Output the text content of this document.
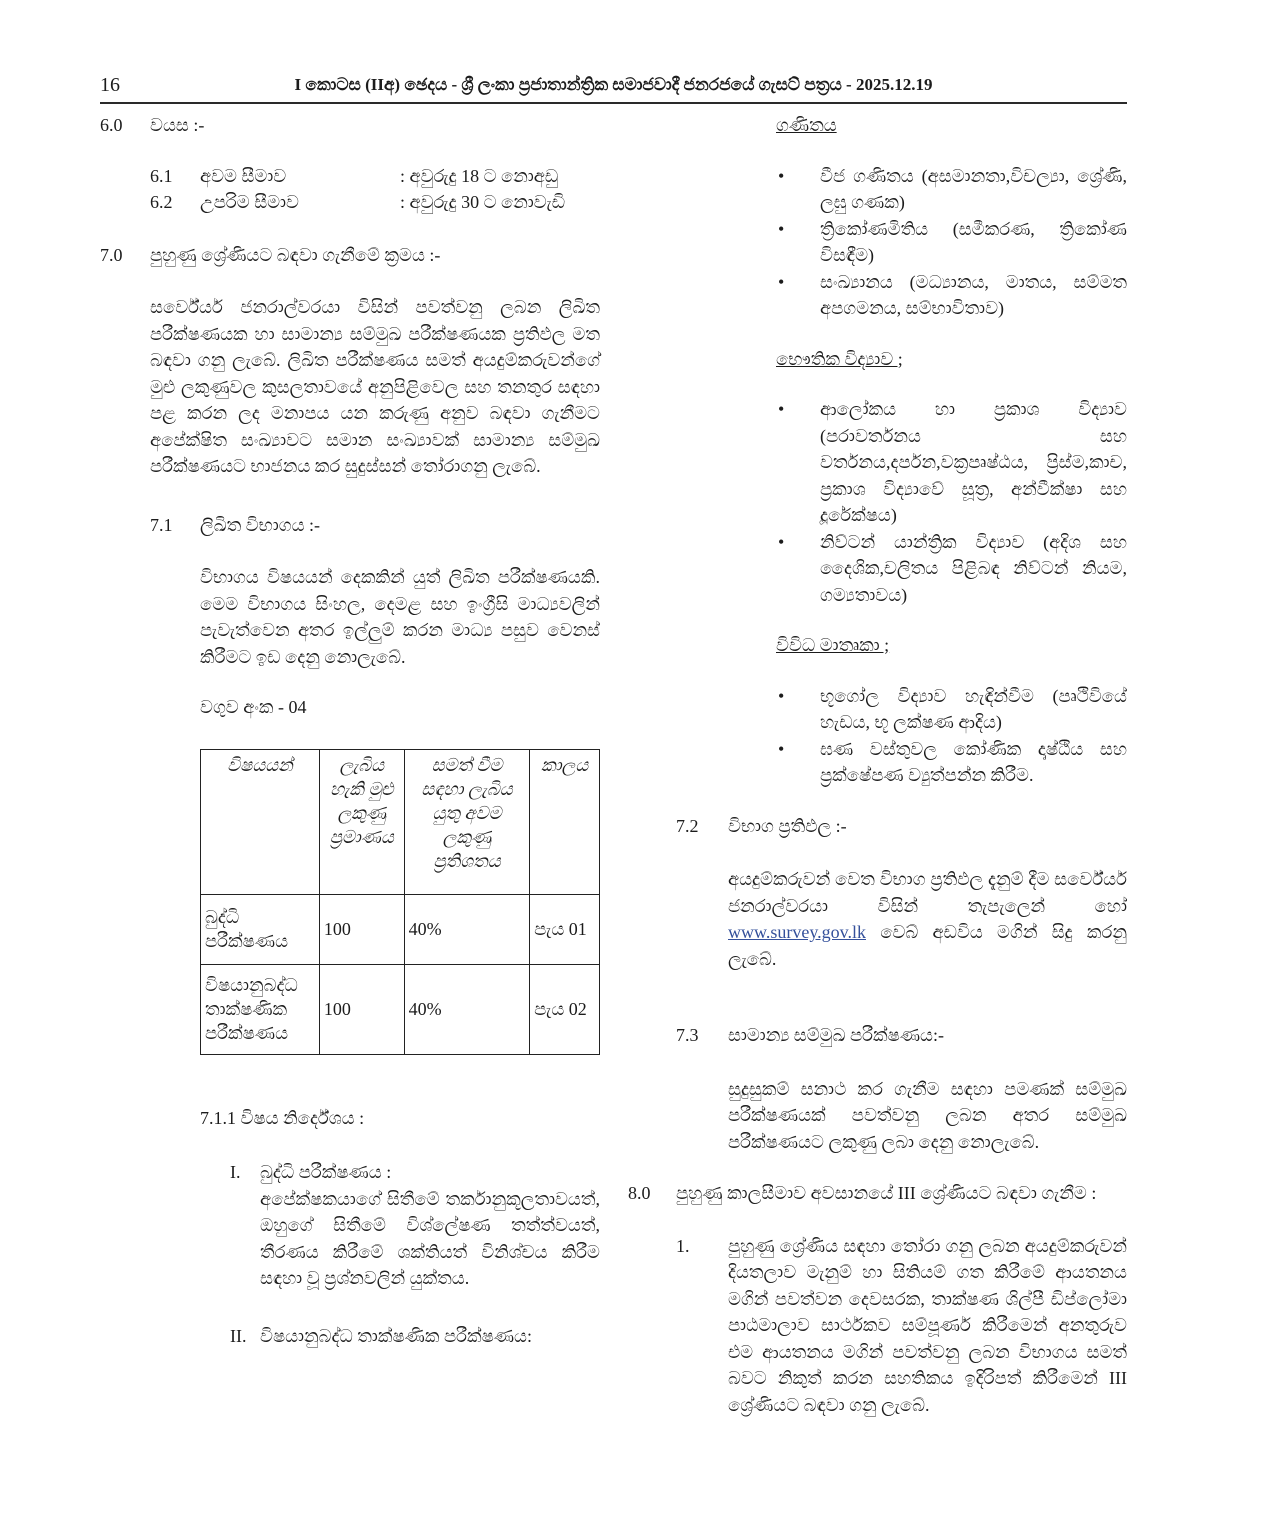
16	I කොටස (IIඅ) ඡෙදය - ශ්‍රී ලංකා ප්‍රජාතාන්ත්‍රික සමාජවාදී ජනරජයේ ගැසට් පත්‍රය - 2025.12.19
6.0	වයස :-
6.1	අවම සීමාව	: අවුරුදු 18 ට නොඅඩු
6.2	උපරිම සීමාව	: අවුරුදු 30 ට නොවැඩි
7.0	පුහුණු ශ්‍රේණියට බඳවා ගැනීමේ ක්‍රමය :-
සර්වේයර් ජනරාල්වරයා විසින් පවත්වනු ලබන ලිඛිත පරීක්ෂණයක හා සාමාන්‍ය සම්මුඛ පරීක්ෂණයක ප්‍රතිඵල මත බඳවා ගනු ලැබේ. ලිඛිත පරීක්ෂණය සමත් අයදුම්කරුවන්ගේ මුළු ලකුණුවල කුසලතාවයේ අනුපිළිවෙල සහ තනතුර සඳහා පළ කරන ලද මනාපය යන කරුණු අනුව බඳවා ගැනීමට අපේක්ෂිත සංඛ්‍යාවට සමාන සංඛ්‍යාවක් සාමාන්‍ය සම්මුඛ පරීක්ෂණයට භාජනය කර සුදුස්සන් තෝරාගනු ලැබේ.
7.1	ලිඛිත විභාගය :-
විභාගය විෂයයන් දෙකකින් යුත් ලිඛිත පරීක්ෂණයකි. මෙම විභාගය සිංහල, දෙමළ සහ ඉංග්‍රීසි මාධ්‍යවලින් පැවැත්වෙන අතර ඉල්ලුම් කරන මාධ්‍ය පසුව වෙනස් කිරීමට ඉඩ දෙනු නොලැබේ.
වගුව අංක - 04
විෂයයන්	ලැබිය හැකි මුළු ලකුණු ප්‍රමාණය	සමත් වීම සඳහා ලැබිය යුතු අවම ලකුණු ප්‍රතිශතය	කාලය
බුද්ධි පරීක්ෂණය	100	40%	පැය 01
විෂයානුබද්ධ තාක්ෂණික පරීක්ෂණය	100	40%	පැය 02
7.1.1 විෂය නිර්දේශය :
I.	බුද්ධි පරීක්ෂණය :
අපේක්ෂකයාගේ සිතීමේ තර්කානුකූලතාවයත්, ඔහුගේ සිතීමේ විශ්ලේෂණ තත්ත්වයත්, තීරණය කිරීමේ ශක්තියත් විනිශ්චය කිරීම සඳහා වූ ප්‍රශ්නවලින් යුක්තය.
II. විෂයානුබද්ධ තාක්ෂණික පරීක්ෂණය:
ගණිතය
• වීජ ගණිතය (අසමානතා,විචල්‍යා, ශ්‍රේණි, ලඝු ගණක)
• ත්‍රිකෝණමිතිය (සමීකරණ, ත්‍රිකෝණ විසඳීම)
• සංඛ්‍යානය (මධ්‍යානය, මාතය, සම්මත අපගමනය, සම්භාවිතාව)
භෞතික විද්‍යාව ;
• ආලෝකය හා ප්‍රකාශ විද්‍යාව (පරාවර්තනය සහ වර්තනය,දර්පන,වක්‍රපෘෂ්ඨය, ප්‍රිස්ම,කාච, ප්‍රකාශ විද්‍යාවේ සූත්‍ර, අන්වීක්ෂා සහ දූරේක්ෂය)
• නිව්ටන් යාන්ත්‍රික විද්‍යාව (අදිශ සහ දෛශික,චලිතය පිළිබඳ නිව්ටන් නියම, ගම්‍යතාවය)
විවිධ මාතෘකා ;
• භූගෝල විද්‍යාව හැඳින්වීම (පෘථිවියේ හැඩය, භූ ලක්ෂණ ආදිය)
• ඝණ වස්තුවල කෝණික දෘෂ්ඨිය සහ ප්‍රක්ෂේපණ ව්‍යුත්පන්න කිරීම.
7.2	විභාග ප්‍රතිඵල :-
අයදුම්කරුවන් වෙත විභාග ප්‍රතිඵල දැනුම් දීම සර්වේයර් ජනරාල්වරයා විසින් තැපැලෙන් හෝ www.survey.gov.lk වෙබ් අඩවිය මගින් සිදු කරනු ලැබේ.
7.3	සාමාන්‍ය සම්මුඛ පරීක්ෂණය:-
සුදුසුකම් සනාථ කර ගැනීම සඳහා පමණක් සම්මුඛ පරීක්ෂණයක් පවත්වනු ලබන අතර සම්මුඛ පරීක්ෂණයට ලකුණු ලබා දෙනු නොලැබේ.
8.0	පුහුණු කාලසීමාව අවසානයේ III ශ්‍රේණියට බඳවා ගැනීම :
1.	පුහුණු ශ්‍රේණිය සඳහා තෝරා ගනු ලබන අයදුම්කරුවන් දියතලාව මැනුම් හා සිතියම් ගත කිරීමේ ආයතනය මගින් පවත්වන දෙවසරක, තාක්ෂණ ශිල්පී ඩිප්ලෝමා පාඨමාලාව සාර්ථකව සම්පූර්ණ කිරීමෙන් අනතුරුව එම ආයතනය මගින් පවත්වනු ලබන විභාගය සමත් බවට නිකුත් කරන සහතිකය ඉදිරිපත් කිරීමෙන් III ශ්‍රේණියට බඳවා ගනු ලැබේ.
